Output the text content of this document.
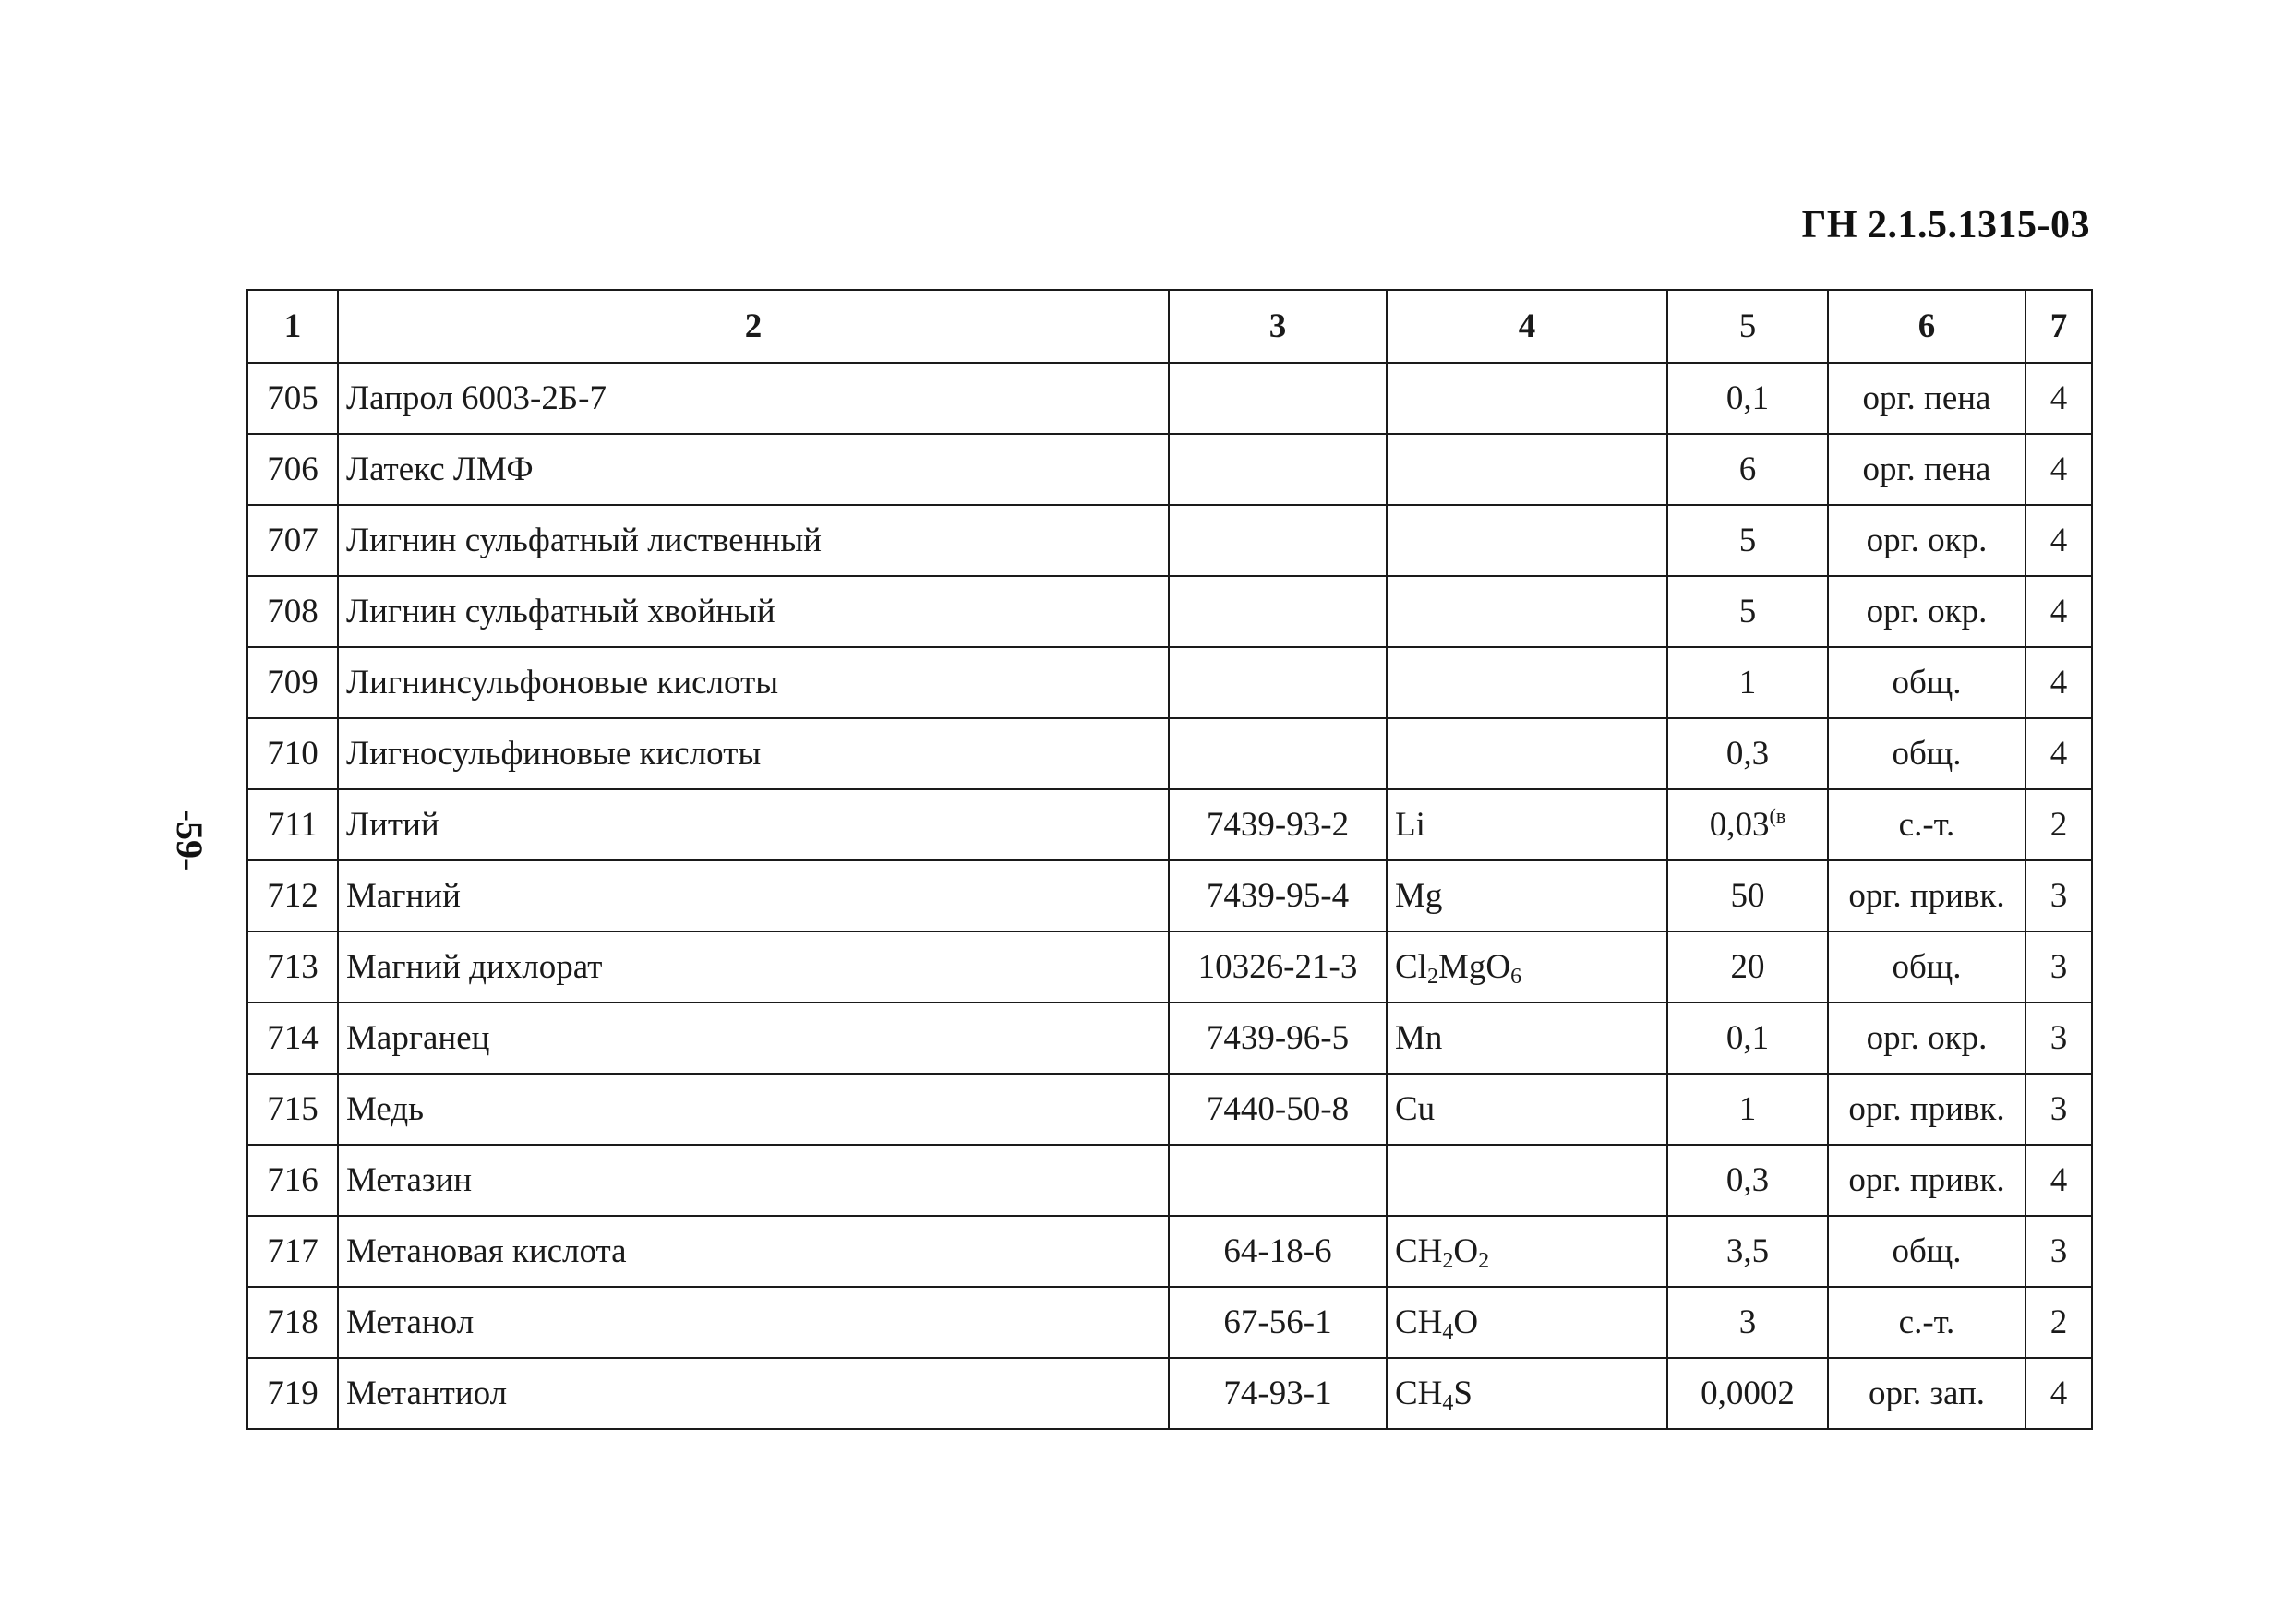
ГН 2.1.5.1315-03
-59-
1	2	3	4	5	6	7
705	Лапрол 6003-2Б-7			0,1	орг. пена	4
706	Латекс ЛМФ			6	орг. пена	4
707	Лигнин сульфатный лиственный			5	орг. окр.	4
708	Лигнин сульфатный хвойный			5	орг. окр.	4
709	Лигнинсульфоновые кислоты			1	общ.	4
710	Лигносульфиновые кислоты			0,3	общ.	4
711	Литий	7439-93-2	Li	$0,03^{(в}$	с.-т.	2
712	Магний	7439-95-4	Mg	50	орг. привк.	3
713	Магний дихлорат	10326-21-3	$Cl_2MgO_6$	20	общ.	3
714	Марганец	7439-96-5	Mn	0,1	орг. окр.	3
715	Медь	7440-50-8	Cu	1	орг. привк.	3
716	Метазин			0,3	орг. привк.	4
717	Метановая кислота	64-18-6	$CH_2O_2$	3,5	общ.	3
718	Метанол	67-56-1	$CH_4O$	3	с.-т.	2
719	Метантиол	74-93-1	$CH_4S$	0,0002	орг. зап.	4
